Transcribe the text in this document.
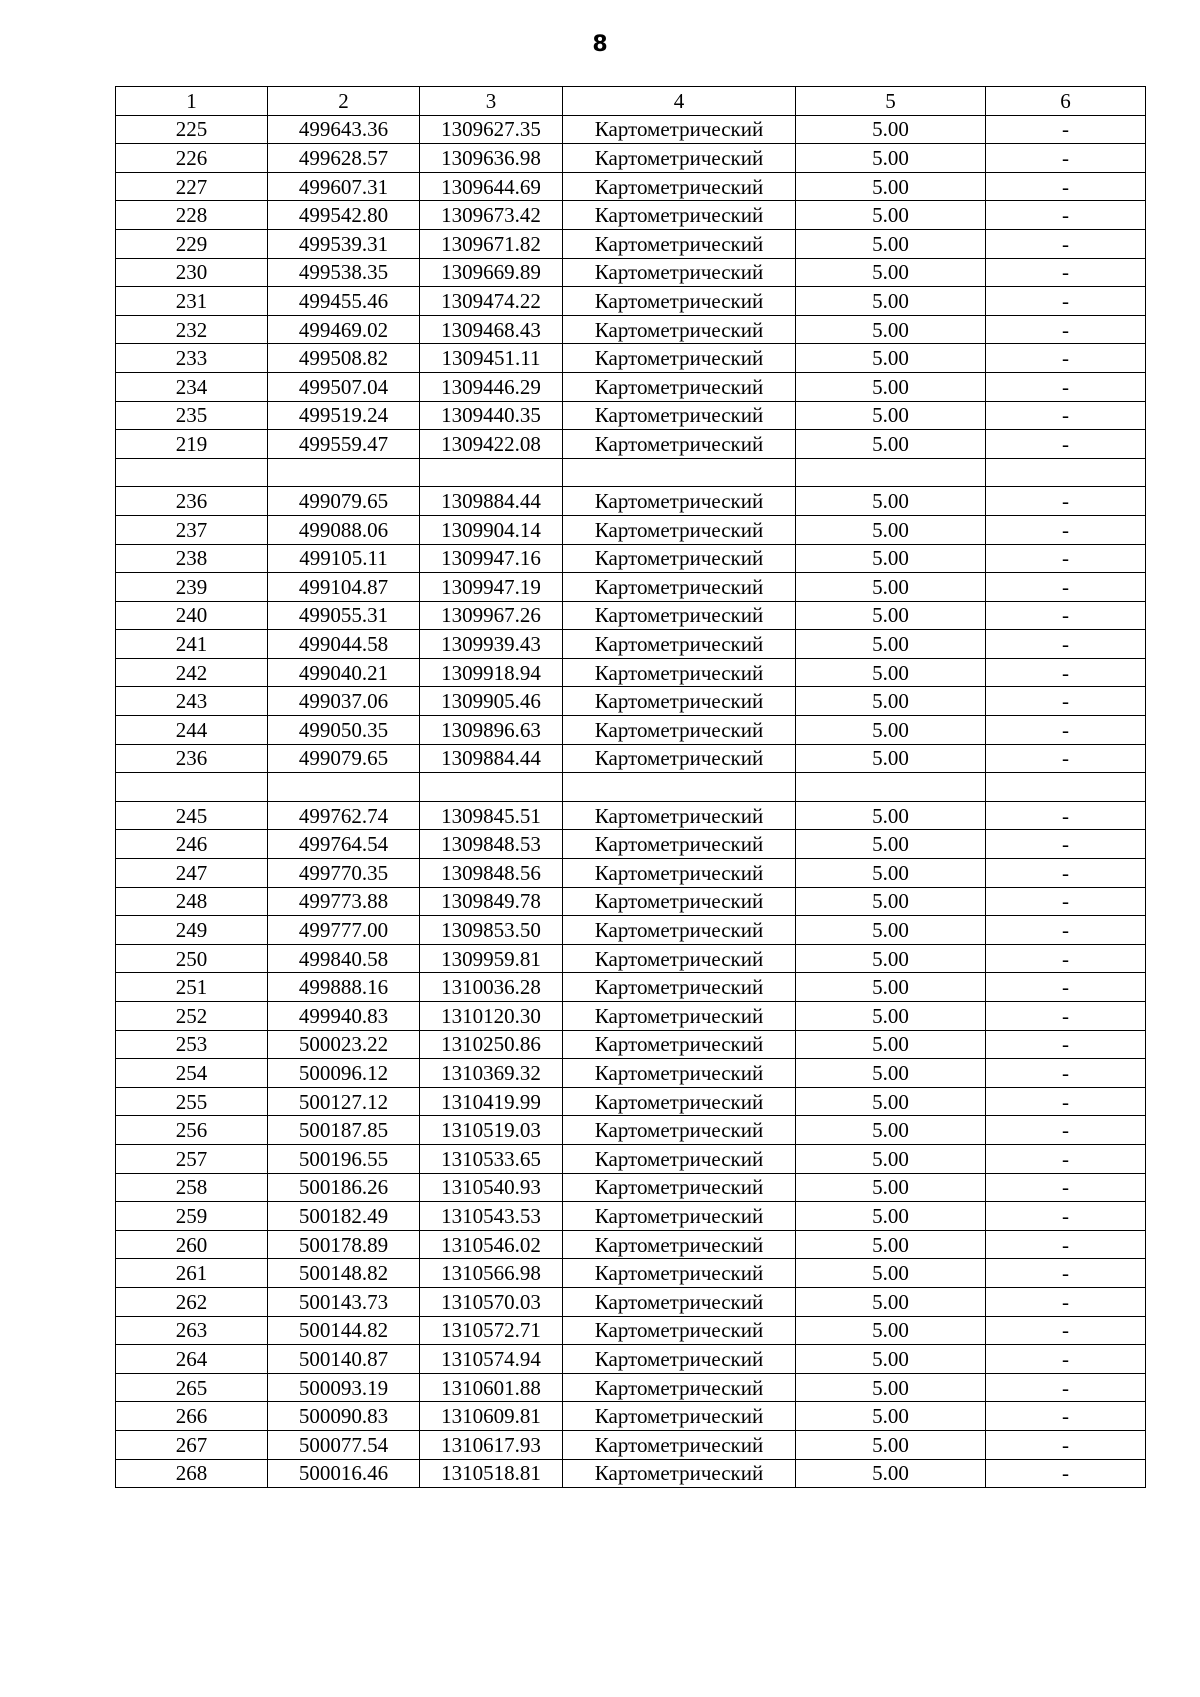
8
1	2	3	4	5	6
225	499643.36	1309627.35	Картометрический	5.00	-
226	499628.57	1309636.98	Картометрический	5.00	-
227	499607.31	1309644.69	Картометрический	5.00	-
228	499542.80	1309673.42	Картометрический	5.00	-
229	499539.31	1309671.82	Картометрический	5.00	-
230	499538.35	1309669.89	Картометрический	5.00	-
231	499455.46	1309474.22	Картометрический	5.00	-
232	499469.02	1309468.43	Картометрический	5.00	-
233	499508.82	1309451.11	Картометрический	5.00	-
234	499507.04	1309446.29	Картометрический	5.00	-
235	499519.24	1309440.35	Картометрический	5.00	-
219	499559.47	1309422.08	Картометрический	5.00	-

236	499079.65	1309884.44	Картометрический	5.00	-
237	499088.06	1309904.14	Картометрический	5.00	-
238	499105.11	1309947.16	Картометрический	5.00	-
239	499104.87	1309947.19	Картометрический	5.00	-
240	499055.31	1309967.26	Картометрический	5.00	-
241	499044.58	1309939.43	Картометрический	5.00	-
242	499040.21	1309918.94	Картометрический	5.00	-
243	499037.06	1309905.46	Картометрический	5.00	-
244	499050.35	1309896.63	Картометрический	5.00	-
236	499079.65	1309884.44	Картометрический	5.00	-

245	499762.74	1309845.51	Картометрический	5.00	-
246	499764.54	1309848.53	Картометрический	5.00	-
247	499770.35	1309848.56	Картометрический	5.00	-
248	499773.88	1309849.78	Картометрический	5.00	-
249	499777.00	1309853.50	Картометрический	5.00	-
250	499840.58	1309959.81	Картометрический	5.00	-
251	499888.16	1310036.28	Картометрический	5.00	-
252	499940.83	1310120.30	Картометрический	5.00	-
253	500023.22	1310250.86	Картометрический	5.00	-
254	500096.12	1310369.32	Картометрический	5.00	-
255	500127.12	1310419.99	Картометрический	5.00	-
256	500187.85	1310519.03	Картометрический	5.00	-
257	500196.55	1310533.65	Картометрический	5.00	-
258	500186.26	1310540.93	Картометрический	5.00	-
259	500182.49	1310543.53	Картометрический	5.00	-
260	500178.89	1310546.02	Картометрический	5.00	-
261	500148.82	1310566.98	Картометрический	5.00	-
262	500143.73	1310570.03	Картометрический	5.00	-
263	500144.82	1310572.71	Картометрический	5.00	-
264	500140.87	1310574.94	Картометрический	5.00	-
265	500093.19	1310601.88	Картометрический	5.00	-
266	500090.83	1310609.81	Картометрический	5.00	-
267	500077.54	1310617.93	Картометрический	5.00	-
268	500016.46	1310518.81	Картометрический	5.00	-
